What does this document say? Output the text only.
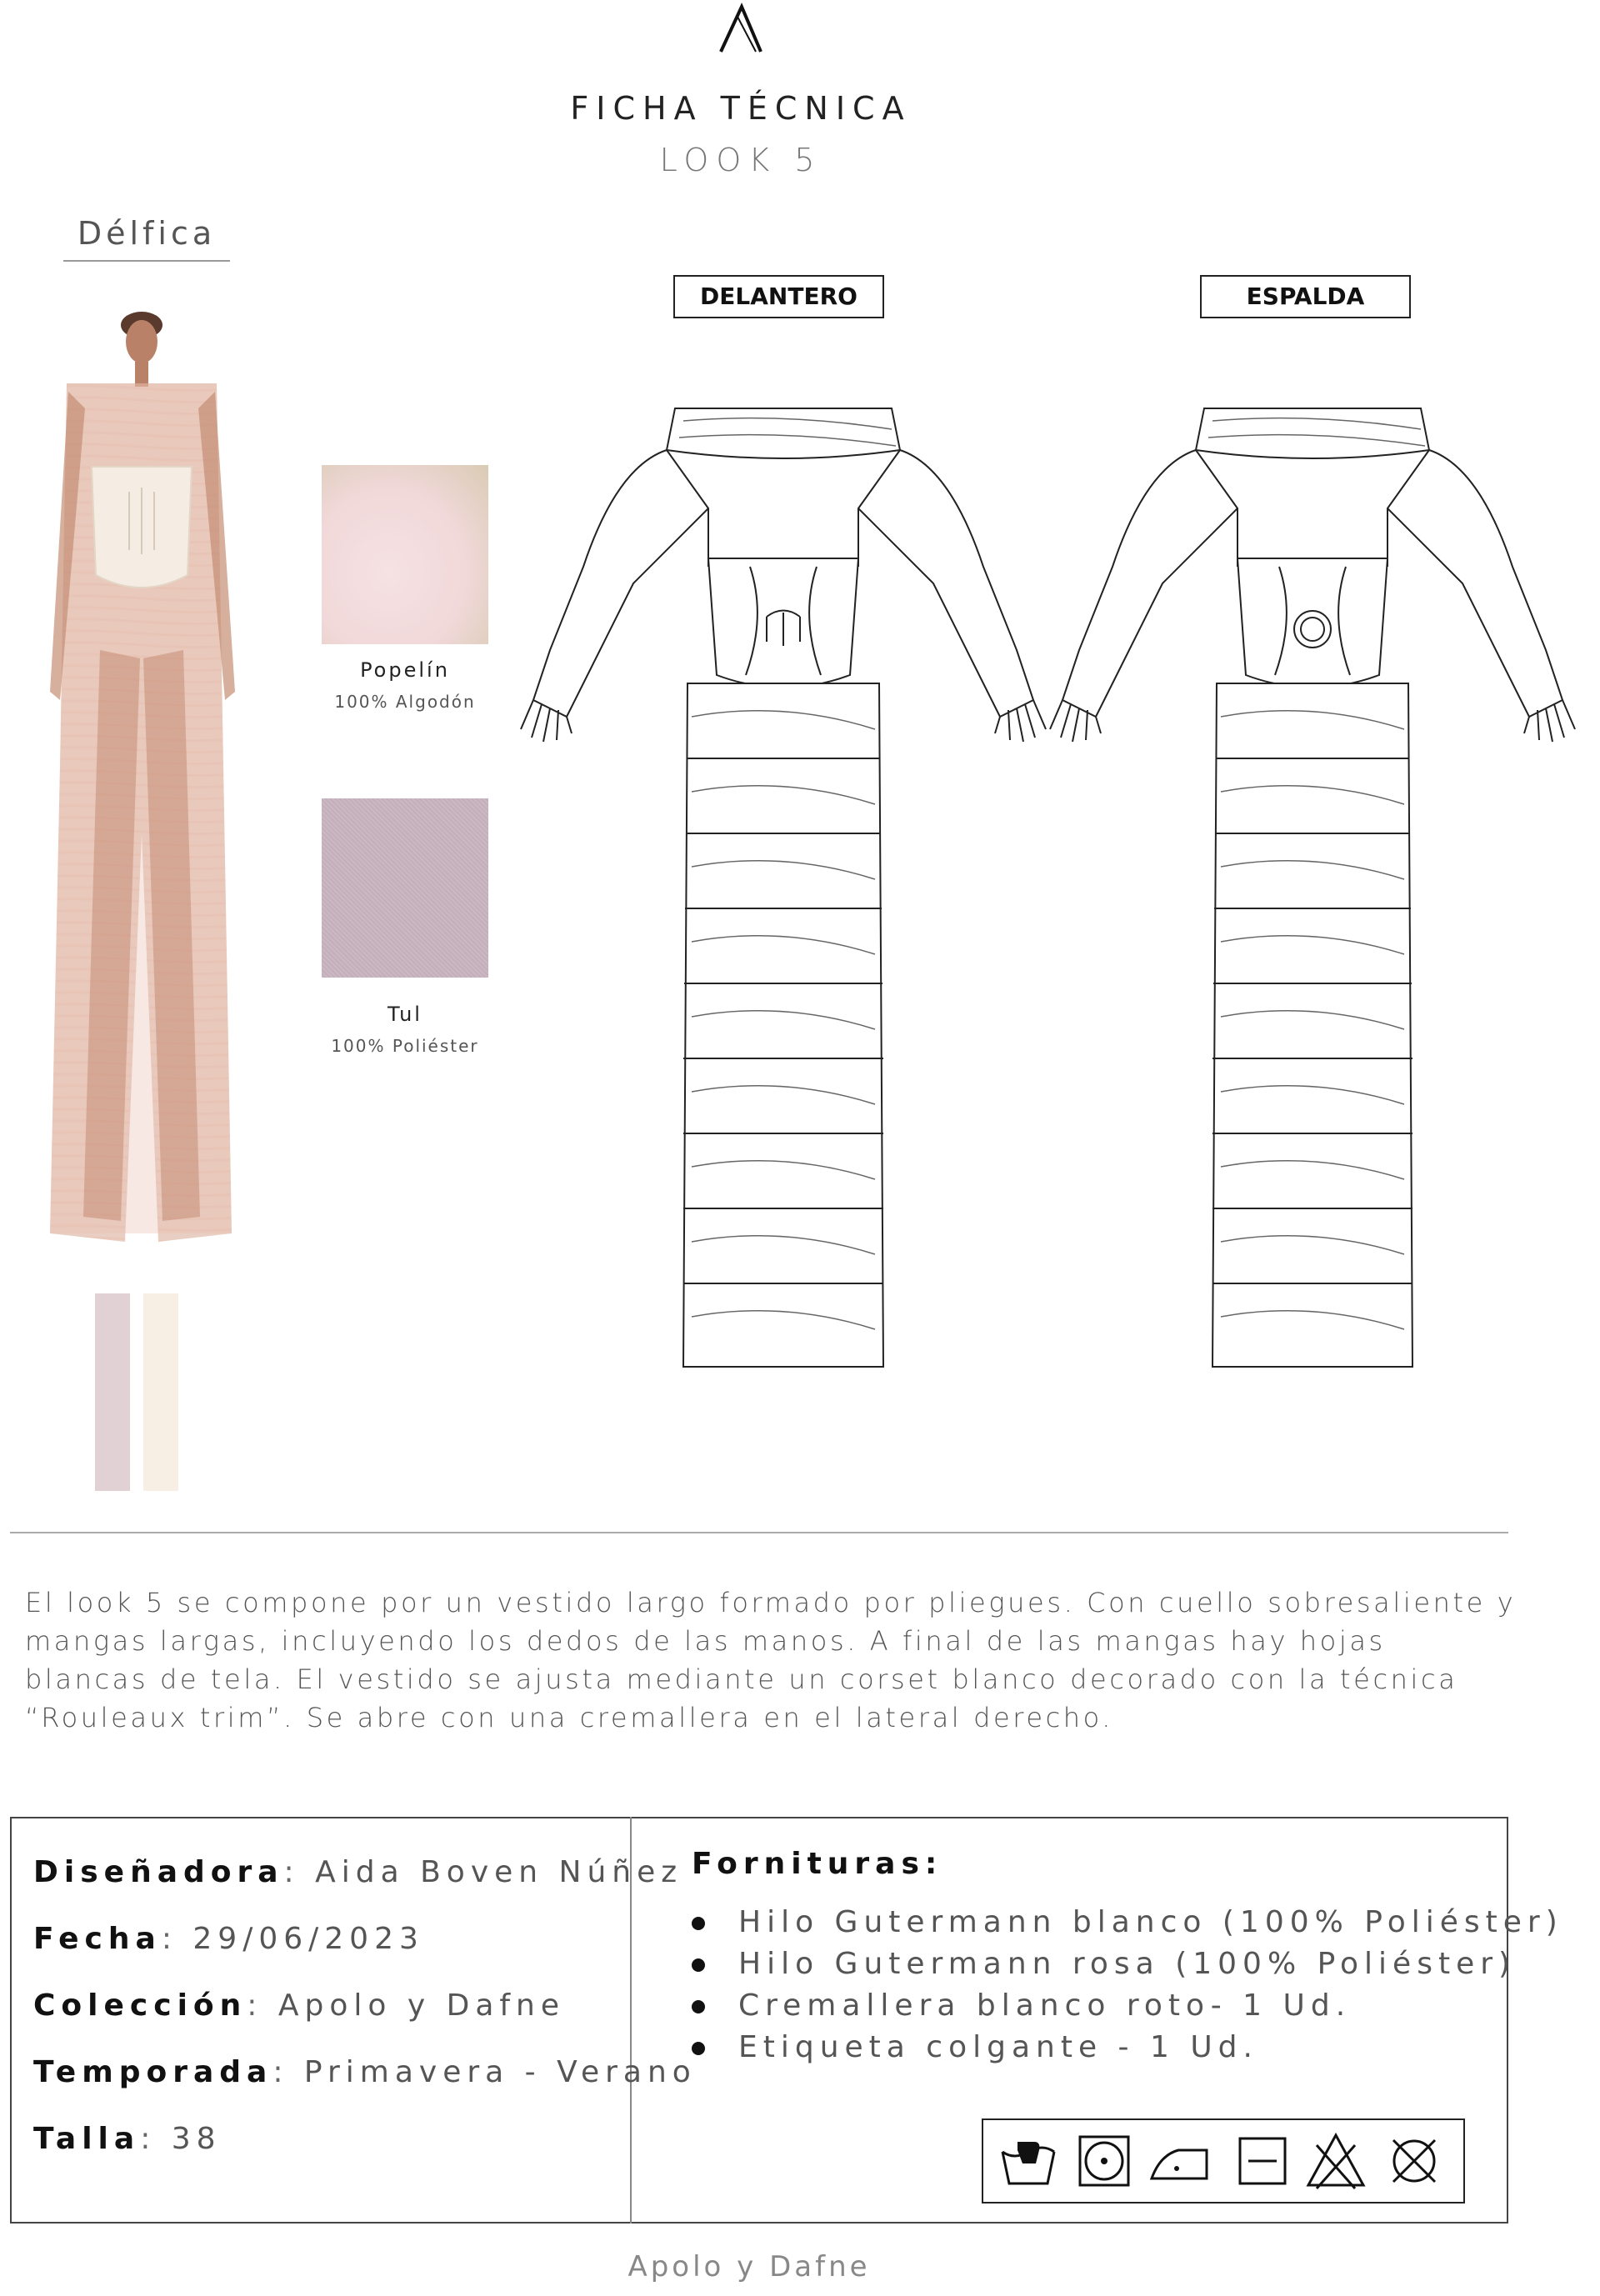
FICHA TÉCNICA
LOOK 5
Délfica
Popelín
100% Algodón
Tul
100% Poliéster
DELANTERO	ESPALDA
El look 5 se compone por un vestido largo formado por pliegues. Con cuello sobresaliente y mangas largas, incluyendo los dedos de las manos. A final de las mangas hay hojas blancas de tela. El vestido se ajusta mediante un corset blanco decorado con la técnica “Rouleaux trim”. Se abre con una cremallera en el lateral derecho.
Diseñadora: Aida Boven Núñez
Fecha: 29/06/2023
Colección: Apolo y Dafne
Temporada: Primavera - Verano
Talla: 38
Fornituras:
Hilo Gutermann blanco (100% Poliéster)
Hilo Gutermann rosa (100% Poliéster)
Cremallera blanco roto- 1 Ud.
Etiqueta colgante - 1 Ud.
Apolo y Dafne
